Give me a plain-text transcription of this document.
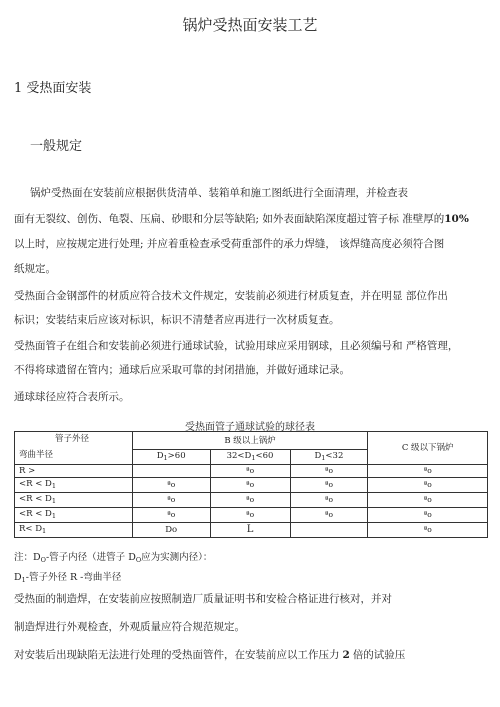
锅炉受热面安装工艺
1 受热面安装
一般规定
锅炉受热面在安装前应根据供货清单、装箱单和施工图纸进行全面清理，并检查表
面有无裂纹、创伤、龟裂、压扁、砂眼和分层等缺陷; 如外表面缺陷深度超过管子标 准壁厚的10%
以上时，应按规定进行处理; 并应着重检查承受荷重部件的承力焊缝， 该焊缝高度必须符合图
纸规定。
受热面合金钢部件的材质应符合技术文件规定，安装前必须进行材质复查，并在明显 部位作出
标识；安装结束后应该对标识，标识不清楚者应再进行一次材质复查。
受热面管子在组合和安装前必须进行通球试验，试验用球应采用钢球，且必须编号和 严格管理，
不得将球遗留在管内；通球后应采取可靠的封闭措施，并做好通球记录。
通球球径应符合表所示。
受热面管子通球试验的球径表
管子外径
弯曲半径	B 级以上锅炉			C 级以下锅炉
	$D_1>60$	$32<D_1<60$	$D_1<32$	
R >		ªo	ªo	ªo
$<R < D_1$	ªo	ªo	ªo	ªo
$<R < D_1$	ªo	ªo	ªo	ªo
$<R < D_1$	ªo	ªo	ªo	ªo
$R< D_1$	Do	L		ªo
注：$D_O-$管子内径（进管子 $D_O$应为实测内径）：
$D_1-$管子外径 R -弯曲半径
受热面的制造焊，在安装前应按照制造厂质量证明书和安检合格证进行核对，并对
制造焊进行外观检查，外观质量应符合规范规定。
对安装后出现缺陷无法进行处理的受热面管件，在安装前应以工作压力 2 倍的试验压
